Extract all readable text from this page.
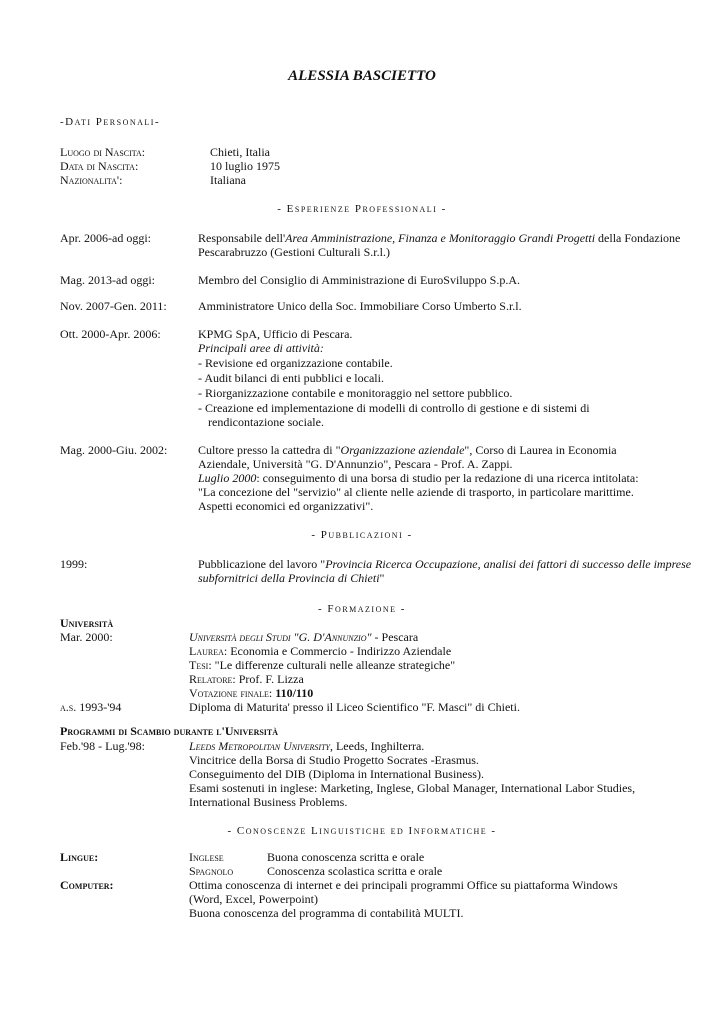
ALESSIA BASCIETTO
-Dati Personali-
Luogo di Nascita:	Chieti, Italia
Data di Nascita:	10 luglio 1975
Nazionalita':	Italiana
- Esperienze Professionali -
Apr. 2006-ad oggi:	Responsabile dell'Area Amministrazione, Finanza e Monitoraggio Grandi Progetti della Fondazione
Pescarabruzzo (Gestioni Culturali S.r.l.)
Mag. 2013-ad oggi:	Membro del Consiglio di Amministrazione di EuroSviluppo S.p.A.
Nov. 2007-Gen. 2011:	Amministratore Unico della Soc. Immobiliare Corso Umberto S.r.l.
Ott. 2000-Apr. 2006:	KPMG SpA, Ufficio di Pescara.
Principali aree di attività:
- Revisione ed organizzazione contabile.
- Audit bilanci di enti pubblici e locali.
- Riorganizzazione contabile e monitoraggio nel settore pubblico.
- Creazione ed implementazione di modelli di controllo di gestione e di sistemi di
rendicontazione sociale.
Mag. 2000-Giu. 2002:	Cultore presso la cattedra di "Organizzazione aziendale", Corso di Laurea in Economia
Aziendale, Università "G. D'Annunzio", Pescara - Prof. A. Zappi.
Luglio 2000: conseguimento di una borsa di studio per la redazione di una ricerca intitolata:
"La concezione del "servizio" al cliente nelle aziende di trasporto, in particolare marittime.
Aspetti economici ed organizzativi".
- Pubblicazioni -
1999:	Pubblicazione del lavoro "Provincia Ricerca Occupazione, analisi dei fattori di successo delle imprese
subfornitrici della Provincia di Chieti"
- Formazione -
Università
Mar. 2000:	Università degli Studi "G. D'Annunzio" - Pescara
Laurea: Economia e Commercio - Indirizzo Aziendale
Tesi: "Le differenze culturali nelle alleanze strategiche"
Relatore: Prof. F. Lizza
Votazione finale: 110/110
a.s. 1993-'94	Diploma di Maturita' presso il Liceo Scientifico "F. Masci" di Chieti.
Programmi di Scambio durante l'Università
Feb.'98 - Lug.'98:	Leeds Metropolitan University, Leeds, Inghilterra.
Vincitrice della Borsa di Studio Progetto Socrates -Erasmus.
Conseguimento del DIB (Diploma in International Business).
Esami sostenuti in inglese: Marketing, Inglese, Global Manager, International Labor Studies,
International Business Problems.
- Conoscenze Linguistiche ed Informatiche -
Lingue:	Inglese	Buona conoscenza scritta e orale
Spagnolo	Conoscenza scolastica scritta e orale
Computer:	Ottima conoscenza di internet e dei principali programmi Office su piattaforma Windows
(Word, Excel, Powerpoint)
Buona conoscenza del programma di contabilità MULTI.
